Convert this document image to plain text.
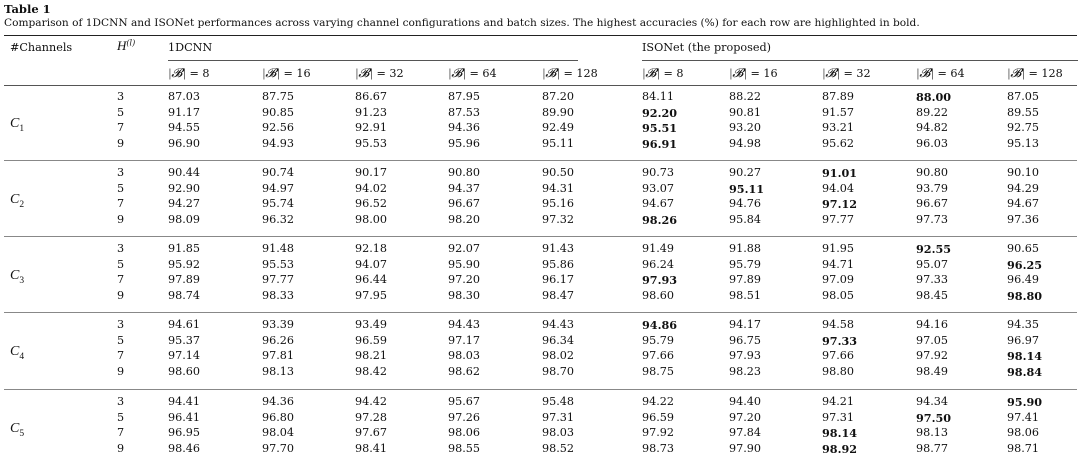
Table 1
Comparison of 1DCNN and ISONet performances across varying channel configurations and batch sizes. The highest accuracies (%) for each row are highlighted in bold.
#Channels	$H^{(l)}$	1DCNN	ISONet (the proposed)
|𝓑| = 8	|𝓑| = 16	|𝓑| = 32	|𝓑| = 64	|𝓑| = 128	|𝓑| = 8	|𝓑| = 16	|𝓑| = 32	|𝓑| = 64	|𝓑| = 128
$C_1$
3	87.03	87.75	86.67	87.95	87.20	84.11	88.22	87.89	88.00	87.05
5	91.17	90.85	91.23	87.53	89.90	92.20	90.81	91.57	89.22	89.55
7	94.55	92.56	92.91	94.36	92.49	95.51	93.20	93.21	94.82	92.75
9	96.90	94.93	95.53	95.96	95.11	96.91	94.98	95.62	96.03	95.13
$C_2$
3	90.44	90.74	90.17	90.80	90.50	90.73	90.27	91.01	90.80	90.10
5	92.90	94.97	94.02	94.37	94.31	93.07	95.11	94.04	93.79	94.29
7	94.27	95.74	96.52	96.67	95.16	94.67	94.76	97.12	96.67	94.67
9	98.09	96.32	98.00	98.20	97.32	98.26	95.84	97.77	97.73	97.36
$C_3$
3	91.85	91.48	92.18	92.07	91.43	91.49	91.88	91.95	92.55	90.65
5	95.92	95.53	94.07	95.90	95.86	96.24	95.79	94.71	95.07	96.25
7	97.89	97.77	96.44	97.20	96.17	97.93	97.89	97.09	97.33	96.49
9	98.74	98.33	97.95	98.30	98.47	98.60	98.51	98.05	98.45	98.80
$C_4$
3	94.61	93.39	93.49	94.43	94.43	94.86	94.17	94.58	94.16	94.35
5	95.37	96.26	96.59	97.17	96.34	95.79	96.75	97.33	97.05	96.97
7	97.14	97.81	98.21	98.03	98.02	97.66	97.93	97.66	97.92	98.14
9	98.60	98.13	98.42	98.62	98.70	98.75	98.23	98.80	98.49	98.84
$C_5$
3	94.41	94.36	94.42	95.67	95.48	94.22	94.40	94.21	94.34	95.90
5	96.41	96.80	97.28	97.26	97.31	96.59	97.20	97.31	97.50	97.41
7	96.95	98.04	97.67	98.06	98.03	97.92	97.84	98.14	98.13	98.06
9	98.46	97.70	98.41	98.55	98.52	98.73	97.90	98.92	98.77	98.71
